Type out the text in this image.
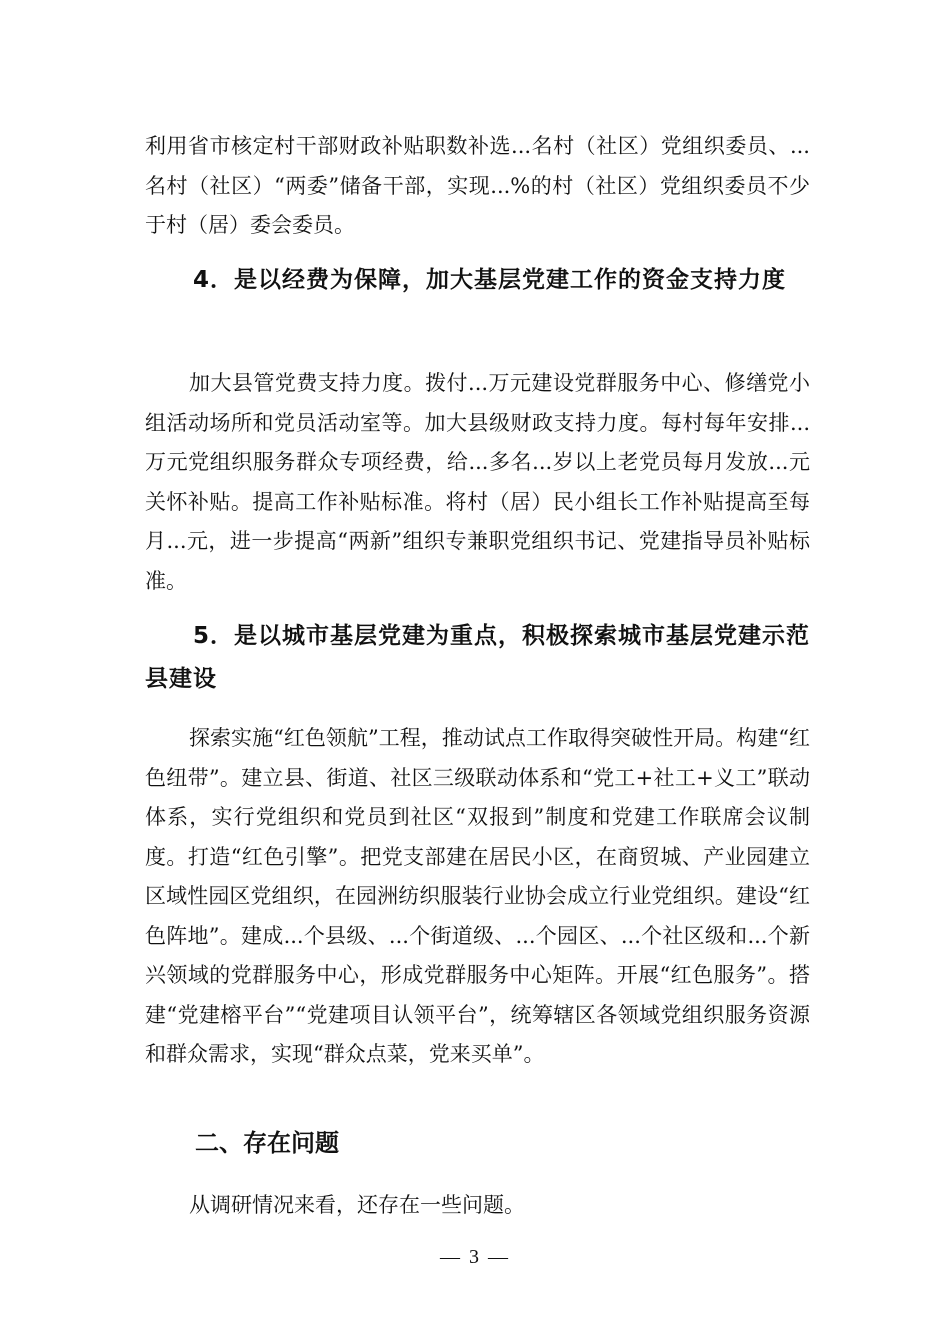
利用省市核定村干部财政补贴职数补选...名村（社区）党组织委员、...名村（社区）“两委”储备干部，实现...%的村（社区）党组织委员不少于村（居）委会委员。

4．是以经费为保障，加大基层党建工作的资金支持力度

加大县管党费支持力度。拨付...万元建设党群服务中心、修缮党小组活动场所和党员活动室等。加大县级财政支持力度。每村每年安排...万元党组织服务群众专项经费，给...多名...岁以上老党员每月发放...元关怀补贴。提高工作补贴标准。将村（居）民小组长工作补贴提高至每月...元，进一步提高“两新”组织专兼职党组织书记、党建指导员补贴标准。

5．是以城市基层党建为重点，积极探索城市基层党建示范县建设

探索实施“红色领航”工程，推动试点工作取得突破性开局。构建“红色纽带”。建立县、街道、社区三级联动体系和“党工+社工+义工”联动体系，实行党组织和党员到社区“双报到”制度和党建工作联席会议制度。打造“红色引擎”。把党支部建在居民小区，在商贸城、产业园建立区域性园区党组织，在园洲纺织服装行业协会成立行业党组织。建设“红色阵地”。建成...个县级、...个街道级、...个园区、...个社区级和...个新兴领域的党群服务中心，形成党群服务中心矩阵。开展“红色服务”。搭建“党建榕平台”“党建项目认领平台”，统筹辖区各领域党组织服务资源和群众需求，实现“群众点菜，党来买单”。

二、存在问题

从调研情况来看，还存在一些问题。

— 3 —
